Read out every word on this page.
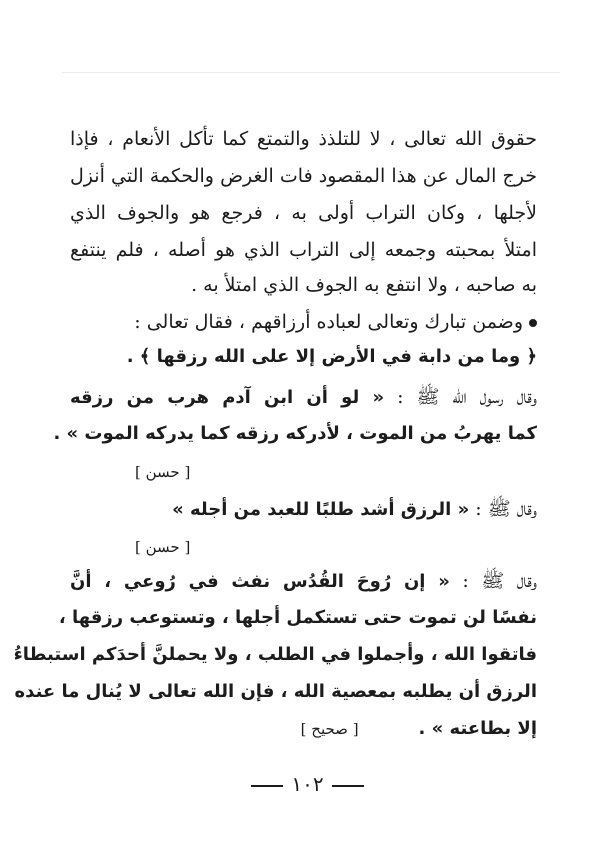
حقوق الله تعالى ، لا للتلذذ والتمتع كما تأكل الأنعام ، فإذا
خرج المال عن هذا المقصود فات الغرض والحكمة التي أنزل
لأجلها ، وكان التراب أولى به ، فرجع هو والجوف الذي
امتلأ بمحبته وجمعه إلى التراب الذي هو أصله ، فلم ينتفع
به صاحبه ، ولا انتفع به الجوف الذي امتلأ به .
وضمن تبارك وتعالى لعباده أرزاقهم ، فقال تعالى :
﴿ وما من دابة في الأرض إلا على الله رزقها ﴾ .
وقال رسول الله ﷺ : « لو أن ابن آدم هرب من رزقه
كما يهربُ من الموت ، لأدركه رزقه كما يدركه الموت » .
[ حسن ]
وقال ﷺ : « الرزق أشد طلبًا للعبد من أجله »
[ حسن ]
وقال ﷺ : « إن رُوحَ القُدُس نفث في رُوعي ، أنَّ
نفسًا لن تموت حتى تستكمل أجلها ، وتستوعب رزقها ،
فاتقوا الله ، وأجملوا في الطلب ، ولا يحملنَّ أحدَكم استبطاءُ
الرزق أن يطلبه بمعصية الله ، فإن الله تعالى لا يُنال ما عنده
إلا بطاعته » .[ صحيح ]
١٠٢
